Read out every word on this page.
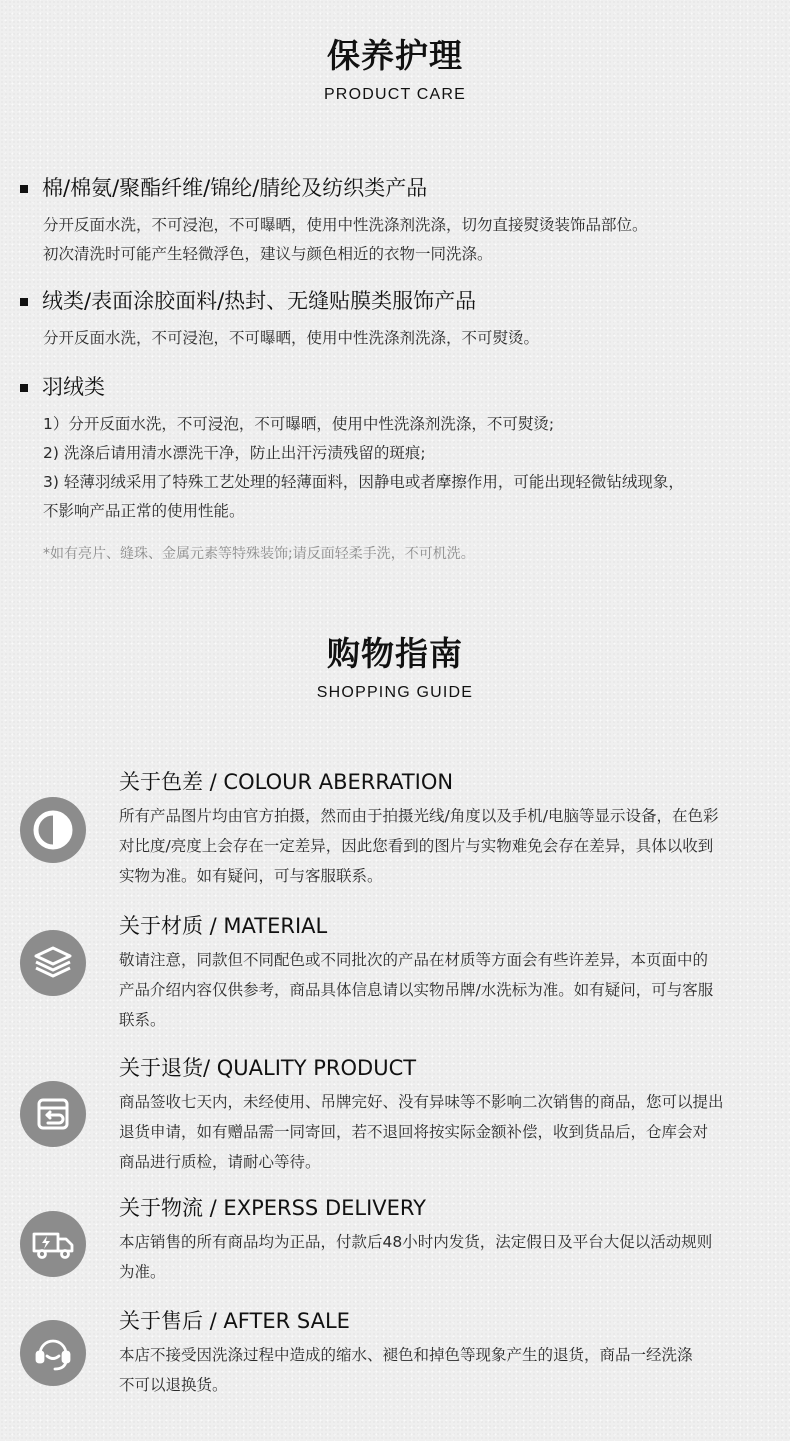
保养护理
PRODUCT CARE
棉/棉氨/聚酯纤维/锦纶/腈纶及纺织类产品
分开反面水洗，不可浸泡，不可曝晒，使用中性洗涤剂洗涤，切勿直接熨烫装饰品部位。
初次清洗时可能产生轻微浮色，建议与颜色相近的衣物一同洗涤。
绒类/表面涂胶面料/热封、无缝贴膜类服饰产品
分开反面水洗，不可浸泡，不可曝晒，使用中性洗涤剂洗涤，不可熨烫。
羽绒类
1）分开反面水洗，不可浸泡，不可曝晒，使用中性洗涤剂洗涤，不可熨烫;
2) 洗涤后请用清水漂洗干净，防止出汗污渍残留的斑痕;
3) 轻薄羽绒采用了特殊工艺处理的轻薄面料，因静电或者摩擦作用，可能出现轻微钻绒现象，
不影响产品正常的使用性能。
*如有亮片、缝珠、金属元素等特殊装饰;请反面轻柔手洗，不可机洗。
购物指南
SHOPPING GUIDE
关于色差 / COLOUR ABERRATION
所有产品图片均由官方拍摄，然而由于拍摄光线/角度以及手机/电脑等显示设备，在色彩
对比度/亮度上会存在一定差异，因此您看到的图片与实物难免会存在差异，具体以收到
实物为准。如有疑问，可与客服联系。
关于材质 / MATERIAL
敬请注意，同款但不同配色或不同批次的产品在材质等方面会有些许差异，本页面中的
产品介绍内容仅供参考，商品具体信息请以实物吊牌/水洗标为准。如有疑问，可与客服
联系。
关于退货/ QUALITY PRODUCT
商品签收七天内，未经使用、吊牌完好、没有异味等不影响二次销售的商品，您可以提出
退货申请，如有赠品需一同寄回，若不退回将按实际金额补偿，收到货品后，仓库会对
商品进行质检，请耐心等待。
关于物流 / EXPERSS DELIVERY
本店销售的所有商品均为正品，付款后48小时内发货，法定假日及平台大促以活动规则
为准。
关于售后 / AFTER SALE
本店不接受因洗涤过程中造成的缩水、褪色和掉色等现象产生的退货，商品一经洗涤
不可以退换货。
